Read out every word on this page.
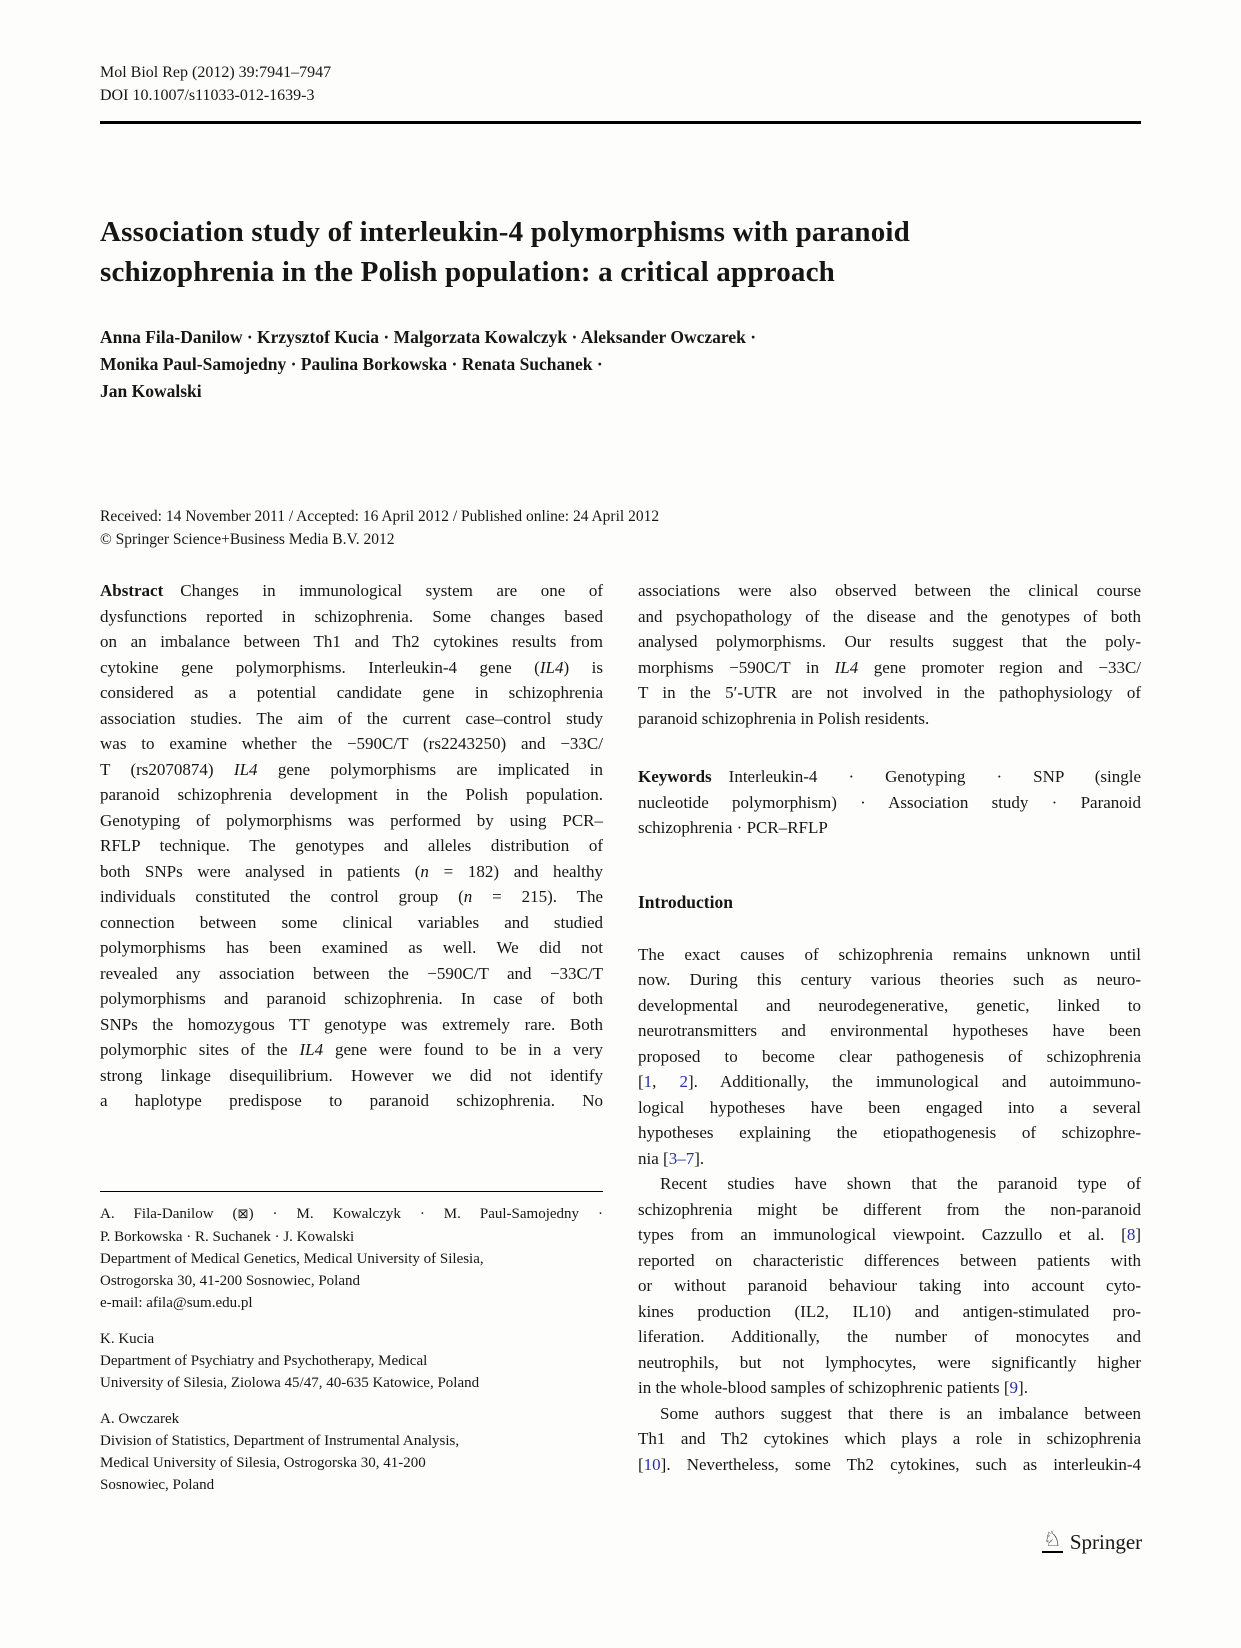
Mol Biol Rep (2012) 39:7941–7947
DOI 10.1007/s11033-012-1639-3
Association study of interleukin-4 polymorphisms with paranoid
schizophrenia in the Polish population: a critical approach
Anna Fila-Danilow · Krzysztof Kucia · Malgorzata Kowalczyk · Aleksander Owczarek ·
Monika Paul-Samojedny · Paulina Borkowska · Renata Suchanek ·
Jan Kowalski
Received: 14 November 2011 / Accepted: 16 April 2012 / Published online: 24 April 2012
© Springer Science+Business Media B.V. 2012
Abstract  Changes in immunological system are one of
dysfunctions reported in schizophrenia. Some changes based
on an imbalance between Th1 and Th2 cytokines results from
cytokine gene polymorphisms. Interleukin-4 gene (IL4) is
considered as a potential candidate gene in schizophrenia
association studies. The aim of the current case–control study
was to examine whether the −590C/T (rs2243250) and −33C/
T (rs2070874) IL4 gene polymorphisms are implicated in
paranoid schizophrenia development in the Polish population.
Genotyping of polymorphisms was performed by using PCR–
RFLP technique. The genotypes and alleles distribution of
both SNPs were analysed in patients (n = 182) and healthy
individuals constituted the control group (n = 215). The
connection between some clinical variables and studied
polymorphisms has been examined as well. We did not
revealed any association between the −590C/T and −33C/T
polymorphisms and paranoid schizophrenia. In case of both
SNPs the homozygous TT genotype was extremely rare. Both
polymorphic sites of the IL4 gene were found to be in a very
strong linkage disequilibrium. However we did not identify
a haplotype predispose to paranoid schizophrenia. No
associations were also observed between the clinical course
and psychopathology of the disease and the genotypes of both
analysed polymorphisms. Our results suggest that the poly-
morphisms −590C/T in IL4 gene promoter region and −33C/
T in the 5′-UTR are not involved in the pathophysiology of
paranoid schizophrenia in Polish residents.
Keywords  Interleukin-4 · Genotyping · SNP (single
nucleotide polymorphism) · Association study · Paranoid
schizophrenia · PCR–RFLP
Introduction
The exact causes of schizophrenia remains unknown until
now. During this century various theories such as neuro-
developmental and neurodegenerative, genetic, linked to
neurotransmitters and environmental hypotheses have been
proposed to become clear pathogenesis of schizophrenia
[1, 2]. Additionally, the immunological and autoimmuno-
logical hypotheses have been engaged into a several
hypotheses explaining the etiopathogenesis of schizophre-
nia [3–7].
Recent studies have shown that the paranoid type of
schizophrenia might be different from the non-paranoid
types from an immunological viewpoint. Cazzullo et al. [8]
reported on characteristic differences between patients with
or without paranoid behaviour taking into account cyto-
kines production (IL2, IL10) and antigen-stimulated pro-
liferation. Additionally, the number of monocytes and
neutrophils, but not lymphocytes, were significantly higher
in the whole-blood samples of schizophrenic patients [9].
Some authors suggest that there is an imbalance between
Th1 and Th2 cytokines which plays a role in schizophrenia
[10]. Nevertheless, some Th2 cytokines, such as interleukin-4
A. Fila-Danilow (⊠) · M. Kowalczyk · M. Paul-Samojedny ·
P. Borkowska · R. Suchanek · J. Kowalski
Department of Medical Genetics, Medical University of Silesia,
Ostrogorska 30, 41-200 Sosnowiec, Poland
e-mail: afila@sum.edu.pl
K. Kucia
Department of Psychiatry and Psychotherapy, Medical
University of Silesia, Ziolowa 45/47, 40-635 Katowice, Poland
A. Owczarek
Division of Statistics, Department of Instrumental Analysis,
Medical University of Silesia, Ostrogorska 30, 41-200
Sosnowiec, Poland
♘ Springer
